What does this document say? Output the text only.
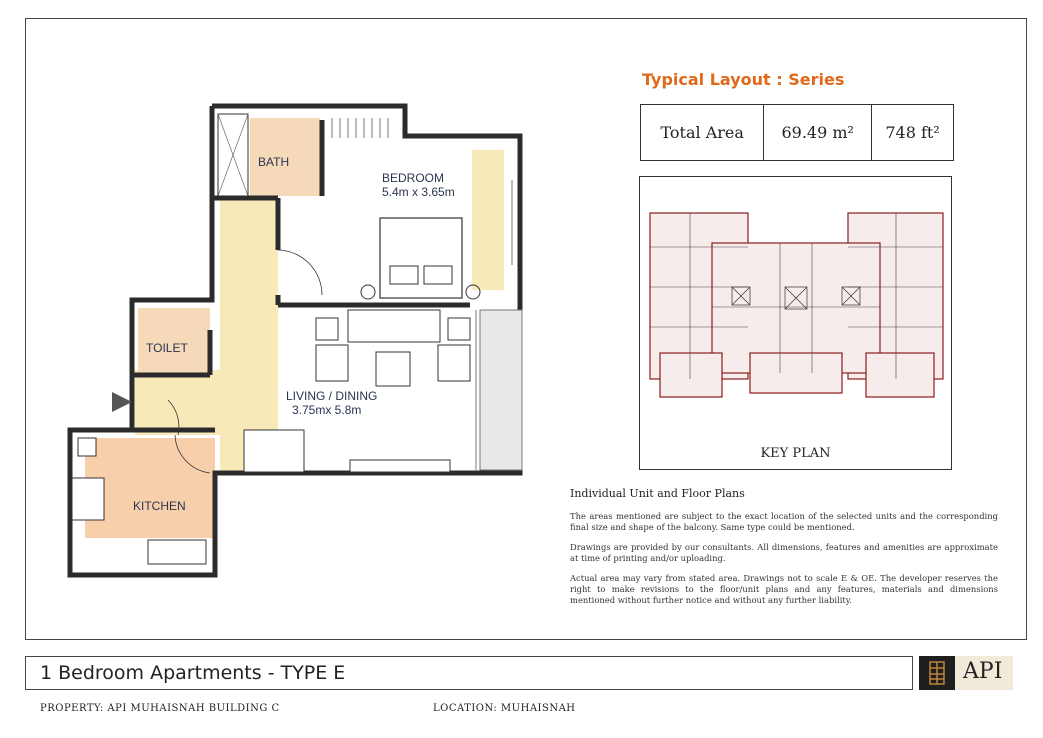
BATH
BEDROOM
5.4m x 3.65m
TOILET
LIVING / DINING
3.75mx 5.8m
KITCHEN
Typical Layout : Series
Total Area	69.49 m²	748 ft²
KEY PLAN
Individual Unit and Floor Plans

The areas mentioned are subject to the exact location of the selected units and the corresponding final size and shape of the balcony. Same type could be mentioned.

Drawings are provided by our consultants. All dimensions, features and amenities are approximate at time of printing and/or uploading.

Actual area may vary from stated area. Drawings not to scale E & OE. The developer reserves the right to make revisions to the floor/unit plans and any features, materials and dimensions mentioned without further notice and without any further liability.

1 Bedroom Apartments - TYPE E	API
PROPERTY: API MUHAISNAH BUILDING C	LOCATION: MUHAISNAH
